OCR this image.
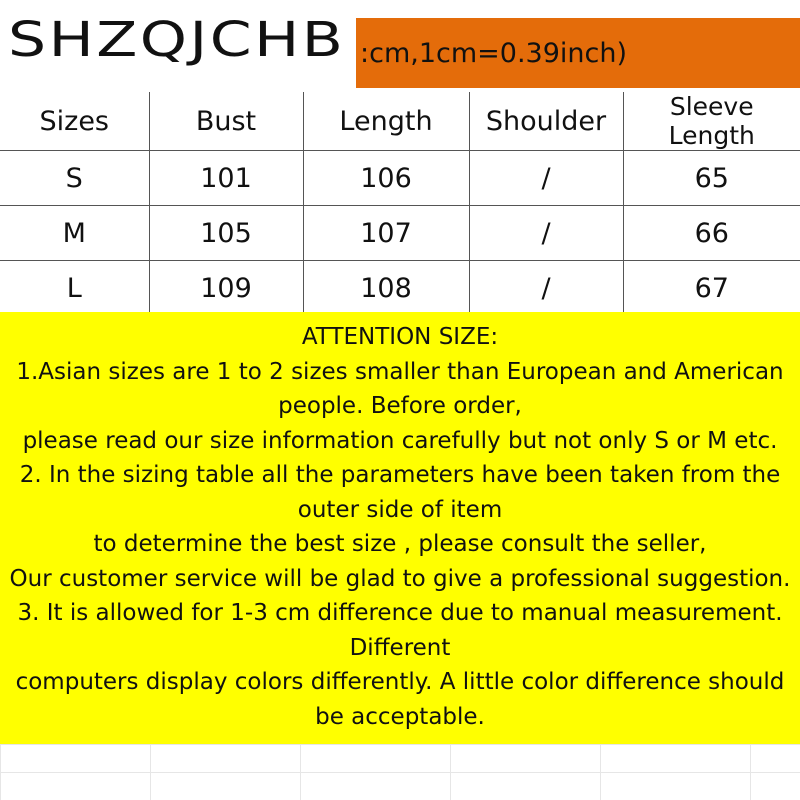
SHZQJCHB :cm,1cm=0.39inch)
Sizes	Bust	Length	Shoulder	Sleeve Length
S	101	106	/	65
M	105	107	/	66
L	109	108	/	67

ATTENTION SIZE:

1.Asian sizes are 1 to 2 sizes smaller than European and American people. Before order,

please read our size information carefully but not only S or M etc.

2. In the sizing table all the parameters have been taken from the outer side of item

to determine the best size , please consult the seller,

Our customer service will be glad to give a professional suggestion.

3. It is allowed for 1-3 cm difference due to manual measurement. Different

computers display colors differently. A little color difference should be acceptable.
